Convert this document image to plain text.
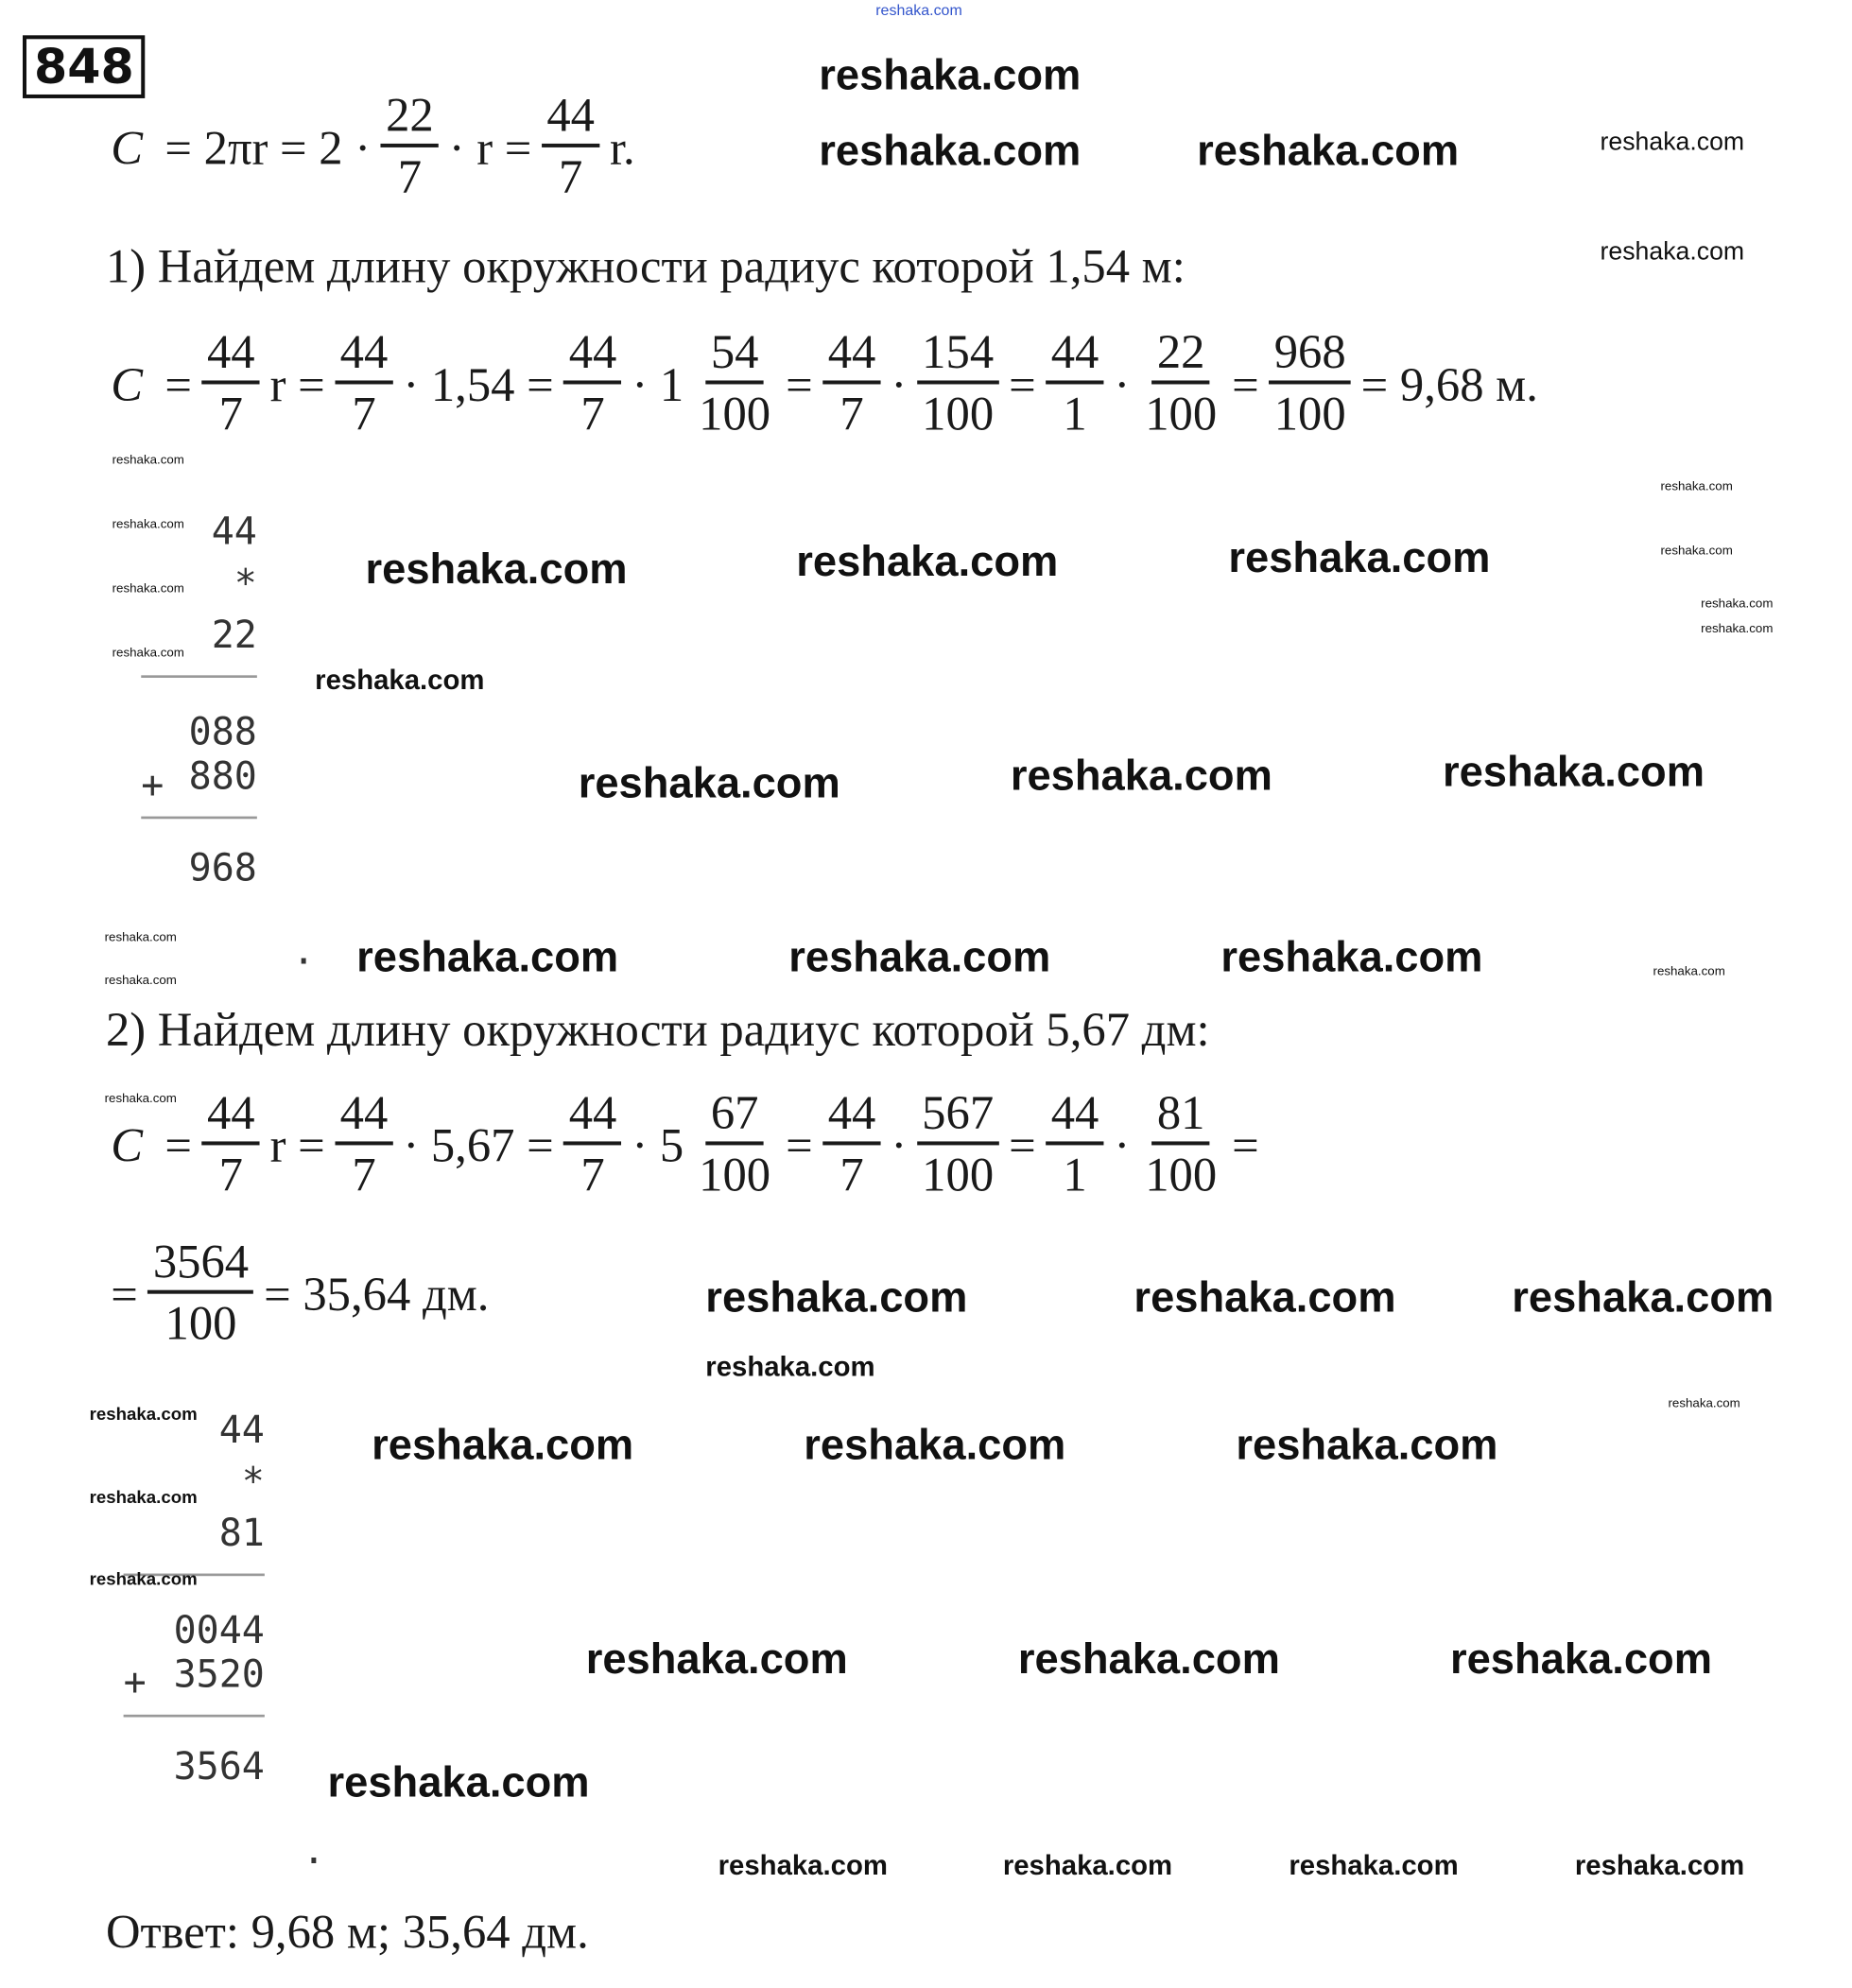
848
$C = 2\pi r = 2 \cdot \frac{22}{7} \cdot r = \frac{44}{7} r$.
1) Найдем длину окружности радиус которой 1,54 м:
$C = \frac{44}{7}$ $r = \frac{44}{7} \cdot 1,54 = \frac{44}{7} \cdot 1 \frac{54}{100} = \frac{44}{7} \cdot \frac{154}{100} = \frac{44}{1} \cdot \frac{22}{100} = \frac{968}{100} = 9,68$ м.
44
*
22
088
880
968
+
.
2) Найдем длину окружности радиус которой 5,67 дм:
$C = \frac{44}{7}$ $r = \frac{44}{7} \cdot 5,67 = \frac{44}{7} \cdot 5 \frac{67}{100} = \frac{44}{7} \cdot \frac{567}{100} = \frac{44}{1} \cdot \frac{81}{100}$ =
= $\frac{3564}{100} = 35,64$ дм.
44
*
81
0044
3520
3564
+
.
Ответ: 9,68 м; 35,64 дм.
reshaka.com
reshaka.com
reshaka.com
reshaka.com	reshaka.com
reshaka.com
reshaka.com
reshaka.com
reshaka.com
reshaka.com
reshaka.com
reshaka.com
reshaka.com
reshaka.com
reshaka.com	reshaka.com	reshaka.com
reshaka.com
reshaka.com	reshaka.com	reshaka.com
reshaka.com
reshaka.com
reshaka.com
reshaka.com
reshaka.com	reshaka.com	reshaka.com
reshaka.com
reshaka.com	reshaka.com	reshaka.com
reshaka.com
reshaka.com
reshaka.com
reshaka.com
reshaka.com	reshaka.com	reshaka.com
reshaka.com	reshaka.com	reshaka.com
reshaka.com
reshaka.com	reshaka.com	reshaka.com	reshaka.com
